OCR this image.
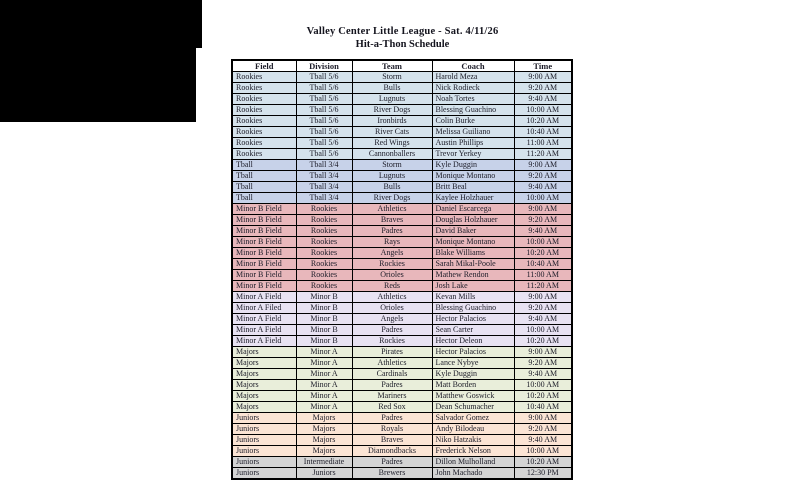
Valley Center Little League - Sat. 4/11/26
Hit-a-Thon Schedule
Field	Division	Team	Coach	Time
Rookies	Tball 5/6	Storm	Harold Meza	9:00 AM
Rookies	Tball 5/6	Bulls	Nick Rodieck	9:20 AM
Rookies	Tball 5/6	Lugnuts	Noah Tortes	9:40 AM
Rookies	Tball 5/6	River Dogs	Blessing Guachino	10:00 AM
Rookies	Tball 5/6	Ironbirds	Colin Burke	10:20 AM
Rookies	Tball 5/6	River Cats	Melissa Guiliano	10:40 AM
Rookies	Tball 5/6	Red Wings	Austin Phillips	11:00 AM
Rookies	Tball 5/6	Cannonballers	Trevor Yerkey	11:20 AM
Tball	Tball 3/4	Storm	Kyle Duggin	9:00 AM
Tball	Tball 3/4	Lugnuts	Monique Montano	9:20 AM
Tball	Tball 3/4	Bulls	Britt Beal	9:40 AM
Tball	Tball 3/4	River Dogs	Kaylee Holzhauer	10:00 AM
Minor B Field	Rookies	Athletics	Daniel Escarcega	9:00 AM
Minor B Field	Rookies	Braves	Douglas Holzhauer	9:20 AM
Minor B Field	Rookies	Padres	David Baker	9:40 AM
Minor B Field	Rookies	Rays	Monique Montano	10:00 AM
Minor B Field	Rookies	Angels	Blake Williams	10:20 AM
Minor B Field	Rookies	Rockies	Sarah Mikal-Poole	10:40 AM
Minor B Field	Rookies	Orioles	Mathew Rendon	11:00 AM
Minor B Field	Rookies	Reds	Josh Lake	11:20 AM
Minor A Field	Minor B	Athletics	Kevan Mills	9:00 AM
Minor A Filed	Minor B	Orioles	Blessing Guachino	9:20 AM
Minor A Field	Minor B	Angels	Hector Palacios	9:40 AM
Minor A Field	Minor B	Padres	Sean Carter	10:00 AM
Minor A Field	Minor B	Rockies	Hector Deleon	10:20 AM
Majors	Minor A	Pirates	Hector Palacios	9:00 AM
Majors	Minor A	Athletics	Lance Nybye	9:20 AM
Majors	Minor A	Cardinals	Kyle Duggin	9:40 AM
Majors	Minor A	Padres	Matt Borden	10:00 AM
Majors	Minor A	Mariners	Matthew Goswick	10:20 AM
Majors	Minor A	Red Sox	Dean Schumacher	10:40 AM
Juniors	Majors	Padres	Salvador Gomez	9:00 AM
Juniors	Majors	Royals	Andy Bilodeau	9:20 AM
Juniors	Majors	Braves	Niko Hatzakis	9:40 AM
Juniors	Majors	Diamondbacks	Frederick Nelson	10:00 AM
Juniors	Intermediate	Padres	Dillon Mulholland	10:20 AM
Juniors	Juniors	Brewers	John Machado	12:30 PM
